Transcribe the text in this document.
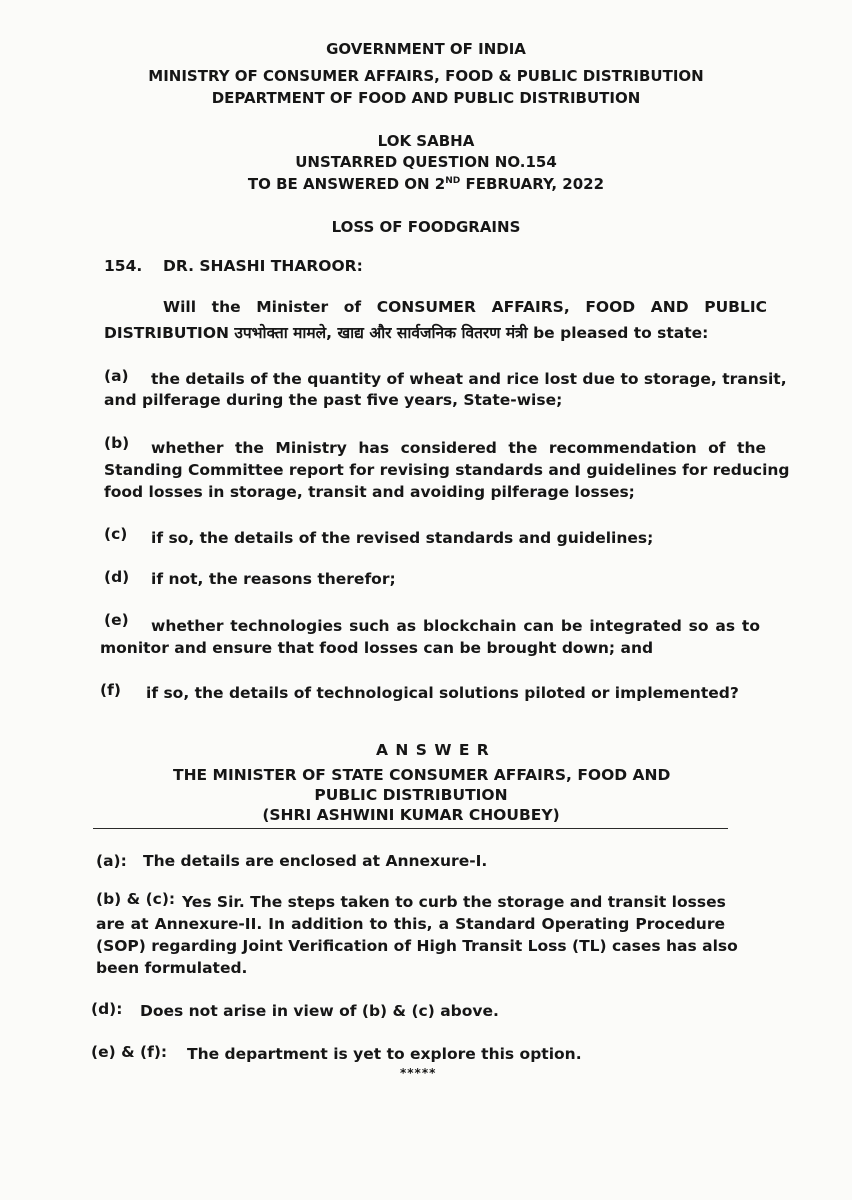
GOVERNMENT OF INDIA
MINISTRY OF CONSUMER AFFAIRS, FOOD & PUBLIC DISTRIBUTION
DEPARTMENT OF FOOD AND PUBLIC DISTRIBUTION
LOK SABHA
UNSTARRED QUESTION NO.154
TO BE ANSWERED ON 2ND FEBRUARY, 2022
LOSS OF FOODGRAINS
154. DR. SHASHI THAROOR:
Will the Minister of CONSUMER AFFAIRS, FOOD AND PUBLIC
DISTRIBUTION उपभोक्ता मामले, खाद्य और सार्वजनिक वितरण मंत्री be pleased to state:
(a) the details of the quantity of wheat and rice lost due to storage, transit,
and pilferage during the past five years, State-wise;
(b) whether the Ministry has considered the recommendation of the
Standing Committee report for revising standards and guidelines for reducing
food losses in storage, transit and avoiding pilferage losses;
(c) if so, the details of the revised standards and guidelines;
(d) if not, the reasons therefor;
(e) whether technologies such as blockchain can be integrated so as to
monitor and ensure that food losses can be brought down; and
(f) if so, the details of technological solutions piloted or implemented?
A N S W E R
THE MINISTER OF STATE CONSUMER AFFAIRS, FOOD AND
PUBLIC DISTRIBUTION
(SHRI ASHWINI KUMAR CHOUBEY)
(a): The details are enclosed at Annexure-I.
(b) & (c): Yes Sir. The steps taken to curb the storage and transit losses
are at Annexure-II. In addition to this, a Standard Operating Procedure
(SOP) regarding Joint Verification of High Transit Loss (TL) cases has also
been formulated.
(d): Does not arise in view of (b) & (c) above.
(e) & (f): The department is yet to explore this option.
*****
